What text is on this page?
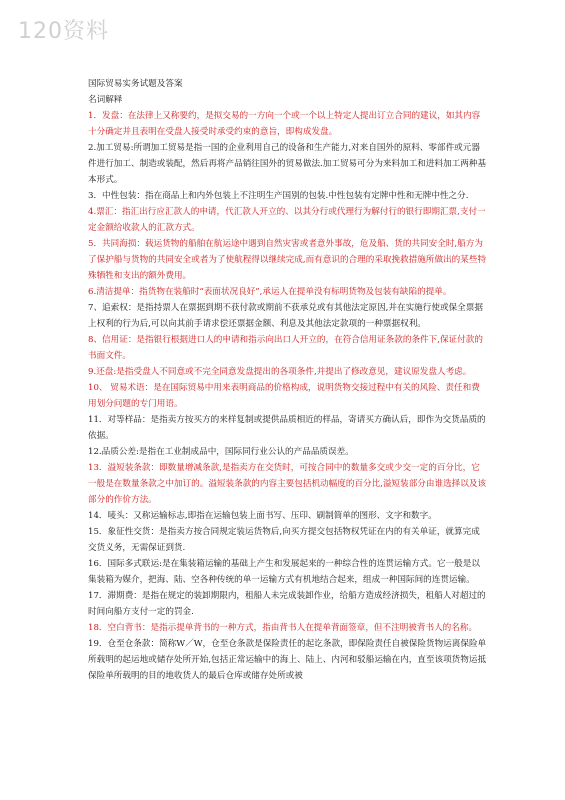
120资料

国际贸易实务试题及答案

名词解释

1．发盘：在法律上又称要约，是拟交易的一方向一个或一个以上特定人提出订立合同的建议，如其内容十分确定并且表明在受盘人接受时承受约束的意旨，即构成发盘。

2.加工贸易:所谓加工贸易是指一国的企业利用自己的设备和生产能力,对来自国外的原料、零部件或元器件进行加工、制造或装配，然后再将产品销往国外的贸易做法.加工贸易可分为来料加工和进料加工两种基本形式。

3．中性包装：指在商品上和内外包装上不注明生产国别的包装.中性包装有定牌中性和无牌中性之分.

4.票汇：指汇出行应汇款人的申请，代汇款人开立的、以其分行或代理行为解付行的银行即期汇票,支付一定金额给收款人的汇款方式。

5．共同海损：载运货物的船舶在航运途中遇到自然灾害或者意外事故，危及船、货的共同安全时,船方为了保护船与货物的共同安全或者为了使航程得以继续完成,而有意识的合理的采取挽救措施所做出的某些特殊牺牲和支出的额外费用。

6.清洁提单：指货物在装船时“表面状况良好”,承运人在提单没有标明货物及包装有缺陷的提单。

7、追索权：是指持票人在票据到期不获付款或期前不获承兑或有其他法定原因,并在实施行使或保全票据上权利的行为后,可以向其前手请求偿还票据金额、利息及其他法定款项的一种票据权利。

8、信用证：是指银行根据进口人的申请和指示向出口人开立的，在符合信用证条款的条件下,保证付款的书面文件。

9.还盘:是指受盘人不同意或不完全同意发盘提出的各项条件,并提出了修改意见，建议原发盘人考虑。

10、 贸易术语：是在国际贸易中用来表明商品的价格构成，说明货物交接过程中有关的风险、责任和费用划分问题的专门用语。

11．对等样品：是指卖方按买方的来样复制或提供品质相近的样品，寄请买方确认后，即作为交货品质的依据。

12.品质公差:是指在工业制成品中，国际同行业公认的产品品质误差。

13．溢短装条款：即数量增减条款,是指卖方在交货时，可按合同中的数量多交或少交一定的百分比，它一般是在数量条款之中加订的。溢短装条款的内容主要包括机动幅度的百分比,溢短装部分由谁选择以及该部分的作价方法。

14．唛头：又称运输标志,即指在运输包装上面书写、压印、刷制简单的图形、文字和数字。

15．象征性交货：是指卖方按合同规定装运货物后,向买方提交包括物权凭证在内的有关单证，就算完成交货义务，无需保证到货.

16．国际多式联运:是在集装箱运输的基础上产生和发展起来的一种综合性的连贯运输方式。它一般是以集装箱为媒介，把海、陆、空各种传统的单一运输方式有机地结合起来，组成一种国际间的连贯运输。

17．滞期费：是指在规定的装卸期限内，租船人未完成装卸作业，给船方造成经济损失，租船人对超过的时间向船方支付一定的罚金.

18．空白背书：是指示提单背书的一种方式，指由背书人在提单背面签章，但不注明被背书人的名称。

19．仓至仓条款：简称W／W，仓至仓条款是保险责任的起讫条款，即保险责任自被保险货物运离保险单所载明的起运地或储存处所开始,包括正常运输中的海上、陆上、内河和驳船运输在内，直至该项货物运抵保险单所载明的目的地收货人的最后仓库或储存处所或被
